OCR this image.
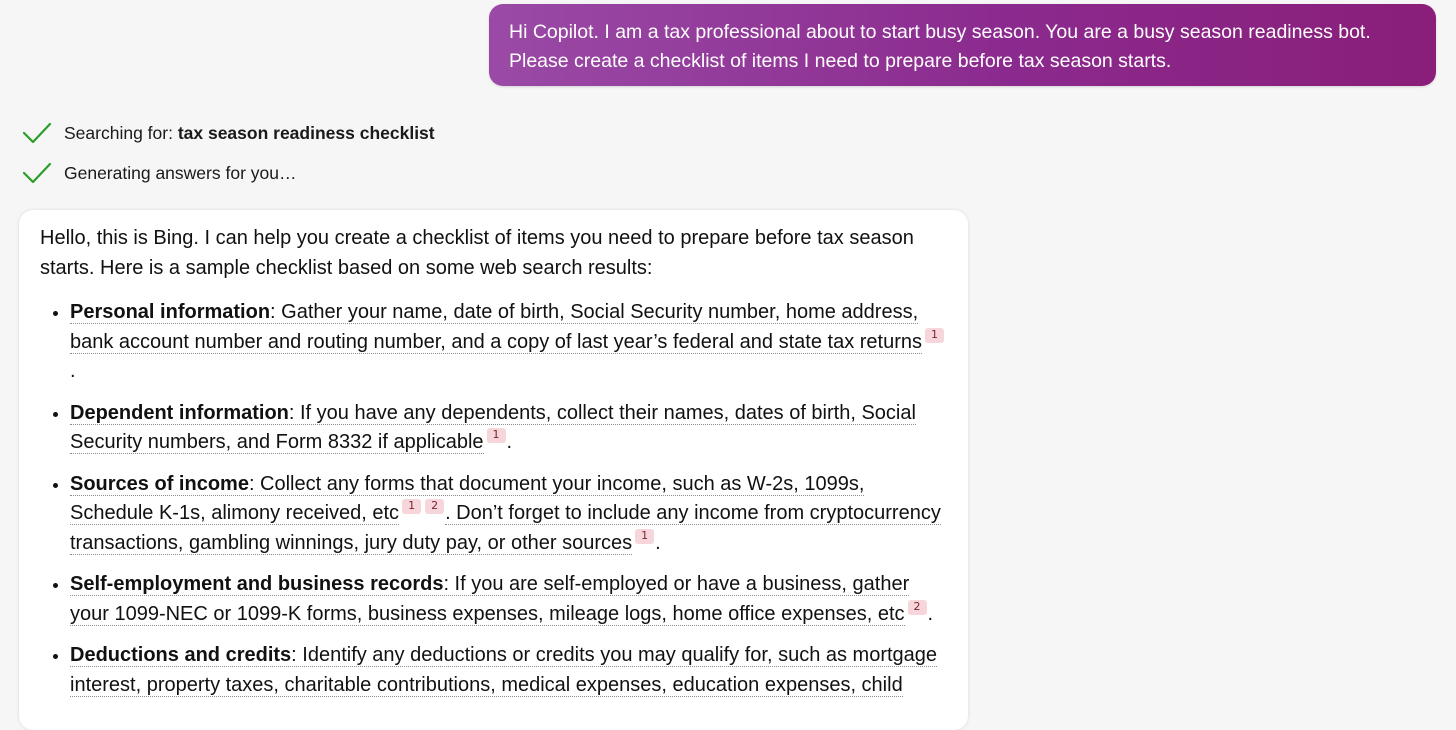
Hi Copilot. I am a tax professional about to start busy season. You are a busy season readiness bot.
Please create a checklist of items I need to prepare before tax season starts.
Searching for: tax season readiness checklist
Generating answers for you…

Hello, this is Bing. I can help you create a checklist of items you need to prepare before tax season starts. Here is a sample checklist based on some web search results:

• Personal information: Gather your name, date of birth, Social Security number, home address, bank account number and routing number, and a copy of last year’s federal and state tax returns 1.
• Dependent information: If you have any dependents, collect their names, dates of birth, Social Security numbers, and Form 8332 if applicable 1 .
• Sources of income: Collect any forms that document your income, such as W-2s, 1099s, Schedule K-1s, alimony received, etc 1 2 . Don’t forget to include any income from cryptocurrency transactions, gambling winnings, jury duty pay, or other sources 1 .
• Self-employment and business records: If you are self-employed or have a business, gather your 1099-NEC or 1099-K forms, business expenses, mileage logs, home office expenses, etc 2 .
• Deductions and credits: Identify any deductions or credits you may qualify for, such as mortgage interest, property taxes, charitable contributions, medical expenses, education expenses, child
